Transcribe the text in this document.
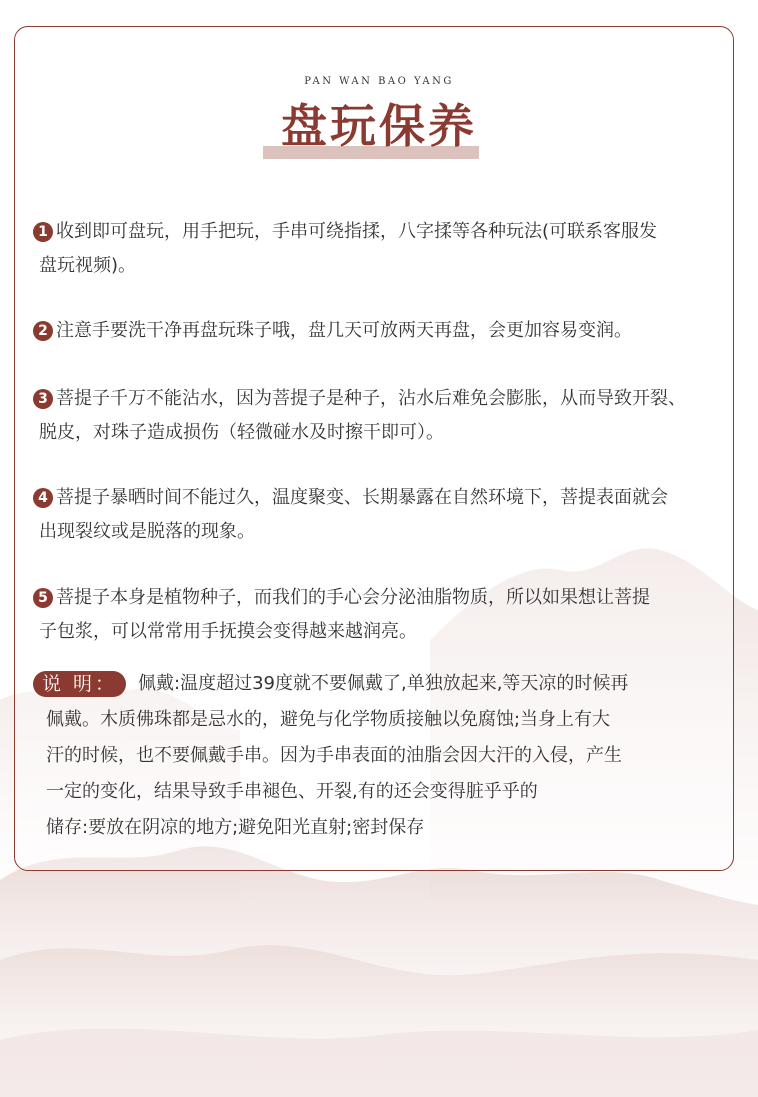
PAN WAN BAO YANG
盘玩保养
1 收到即可盘玩，用手把玩，手串可绕指揉，八字揉等各种玩法(可联系客服发
盘玩视频)。
2 注意手要洗干净再盘玩珠子哦，盘几天可放两天再盘，会更加容易变润。
3 菩提子千万不能沾水，因为菩提子是种子，沾水后难免会膨胀，从而导致开裂、
脱皮，对珠子造成损伤（轻微碰水及时擦干即可）。
4 菩提子暴晒时间不能过久，温度聚变、长期暴露在自然环境下，菩提表面就会
出现裂纹或是脱落的现象。
5 菩提子本身是植物种子，而我们的手心会分泌油脂物质，所以如果想让菩提
子包浆，可以常常用手抚摸会变得越来越润亮。
说 明：	佩戴:温度超过39度就不要佩戴了,单独放起来,等天凉的时候再
佩戴。木质佛珠都是忌水的，避免与化学物质接触以免腐蚀;当身上有大
汗的时候，也不要佩戴手串。因为手串表面的油脂会因大汗的入侵，产生
一定的变化，结果导致手串褪色、开裂,有的还会变得脏乎乎的
储存:要放在阴凉的地方;避免阳光直射;密封保存
